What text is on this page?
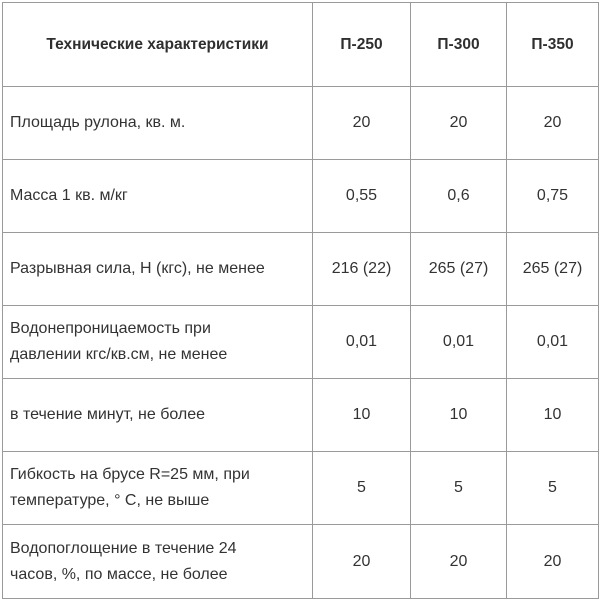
Технические характеристики	П-250	П-300	П-350
Площадь рулона, кв. м.	20	20	20
Масса 1 кв. м/кг	0,55	0,6	0,75
Разрывная сила, Н (кгс), не менее	216 (22)	265 (27)	265 (27)
Водонепроницаемость при
давлении кгс/кв.см, не менее	0,01	0,01	0,01
в течение минут, не более	10	10	10
Гибкость на брусе R=25 мм, при
температуре, ° С, не выше	5	5	5
Водопоглощение в течение 24
часов, %, по массе, не более	20	20	20
